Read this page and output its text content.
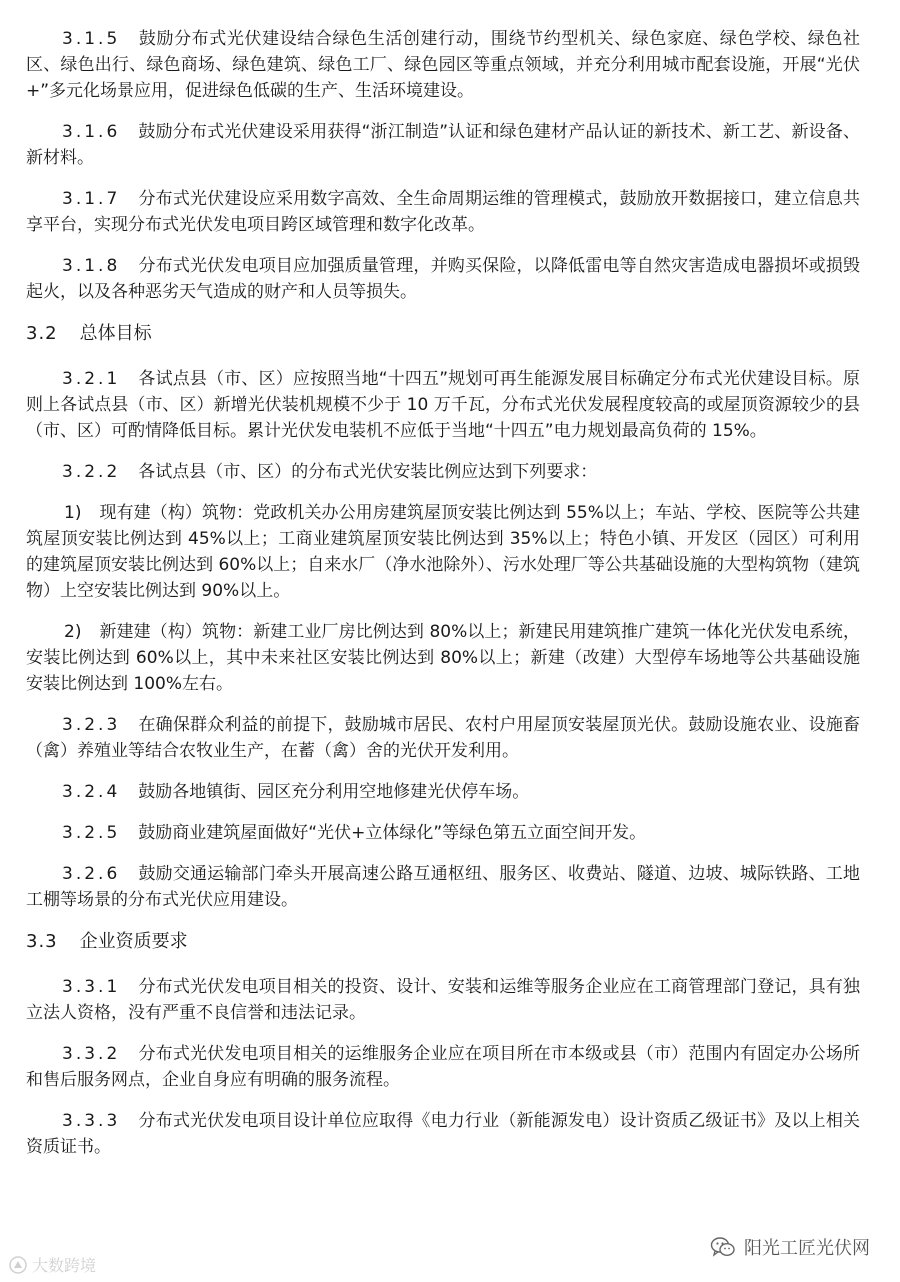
3.1.5 鼓励分布式光伏建设结合绿色生活创建行动，围绕节约型机关、绿色家庭、绿色学校、绿色社区、绿色出行、绿色商场、绿色建筑、绿色工厂、绿色园区等重点领域，并充分利用城市配套设施，开展“光伏+”多元化场景应用，促进绿色低碳的生产、生活环境建设。

3.1.6 鼓励分布式光伏建设采用获得“浙江制造”认证和绿色建材产品认证的新技术、新工艺、新设备、新材料。

3.1.7 分布式光伏建设应采用数字高效、全生命周期运维的管理模式，鼓励放开数据接口，建立信息共享平台，实现分布式光伏发电项目跨区域管理和数字化改革。

3.1.8 分布式光伏发电项目应加强质量管理，并购买保险，以降低雷电等自然灾害造成电器损坏或损毁起火，以及各种恶劣天气造成的财产和人员等损失。

3.2 总体目标

3.2.1 各试点县（市、区）应按照当地“十四五”规划可再生能源发展目标确定分布式光伏建设目标。原则上各试点县（市、区）新增光伏装机规模不少于 10 万千瓦，分布式光伏发展程度较高的或屋顶资源较少的县（市、区）可酌情降低目标。累计光伏发电装机不应低于当地“十四五”电力规划最高负荷的 15%。

3.2.2 各试点县（市、区）的分布式光伏安装比例应达到下列要求：

1) 现有建（构）筑物：党政机关办公用房建筑屋顶安装比例达到 55%以上；车站、学校、医院等公共建筑屋顶安装比例达到 45%以上；工商业建筑屋顶安装比例达到 35%以上；特色小镇、开发区（园区）可利用的建筑屋顶安装比例达到 60%以上；自来水厂（净水池除外）、污水处理厂等公共基础设施的大型构筑物（建筑物）上空安装比例达到 90%以上。

2) 新建建（构）筑物：新建工业厂房比例达到 80%以上；新建民用建筑推广建筑一体化光伏发电系统，安装比例达到 60%以上，其中未来社区安装比例达到 80%以上；新建（改建）大型停车场地等公共基础设施安装比例达到 100%左右。

3.2.3 在确保群众利益的前提下，鼓励城市居民、农村户用屋顶安装屋顶光伏。鼓励设施农业、设施畜（禽）养殖业等结合农牧业生产，在蓄（禽）舍的光伏开发利用。

3.2.4 鼓励各地镇街、园区充分利用空地修建光伏停车场。

3.2.5 鼓励商业建筑屋面做好“光伏+立体绿化”等绿色第五立面空间开发。

3.2.6 鼓励交通运输部门牵头开展高速公路互通枢纽、服务区、收费站、隧道、边坡、城际铁路、工地工棚等场景的分布式光伏应用建设。

3.3 企业资质要求

3.3.1 分布式光伏发电项目相关的投资、设计、安装和运维等服务企业应在工商管理部门登记，具有独立法人资格，没有严重不良信誉和违法记录。

3.3.2 分布式光伏发电项目相关的运维服务企业应在项目所在市本级或县（市）范围内有固定办公场所和售后服务网点，企业自身应有明确的服务流程。

3.3.3 分布式光伏发电项目设计单位应取得《电力行业（新能源发电）设计资质乙级证书》及以上相关资质证书。

阳光工匠光伏网
大数跨境
